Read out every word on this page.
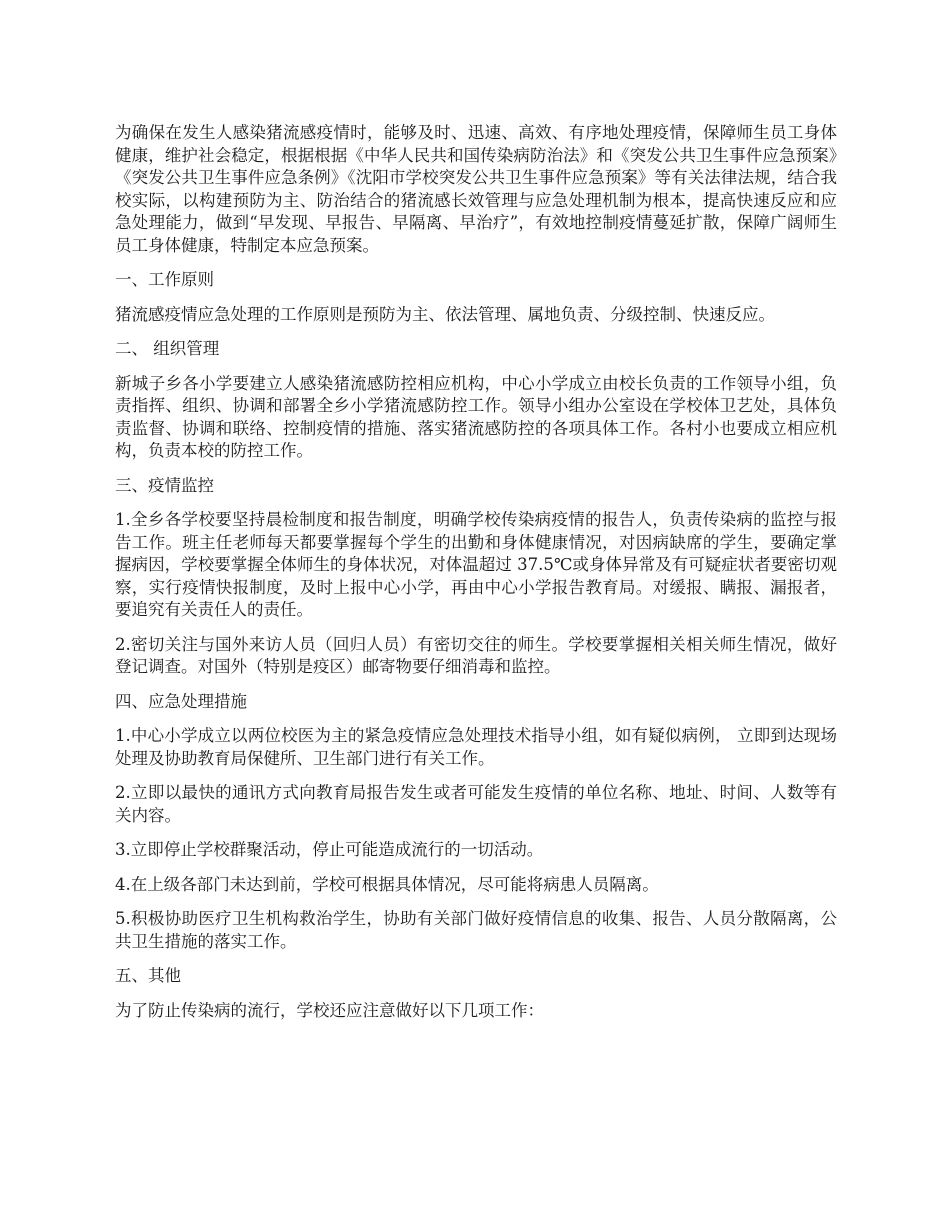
为确保在发生人感染猪流感疫情时，能够及时、迅速、高效、有序地处理疫情，保障师生员工身体健康，维护社会稳定，根据根据《中华人民共和国传染病防治法》和《突发公共卫生事件应急预案》《突发公共卫生事件应急条例》《沈阳市学校突发公共卫生事件应急预案》等有关法律法规，结合我校实际，以构建预防为主、防治结合的猪流感长效管理与应急处理机制为根本，提高快速反应和应急处理能力，做到“早发现、早报告、早隔离、早治疗”，有效地控制疫情蔓延扩散，保障广阔师生员工身体健康，特制定本应急预案。

一、工作原则

猪流感疫情应急处理的工作原则是预防为主、依法管理、属地负责、分级控制、快速反应。

二、 组织管理

新城子乡各小学要建立人感染猪流感防控相应机构，中心小学成立由校长负责的工作领导小组，负责指挥、组织、协调和部署全乡小学猪流感防控工作。领导小组办公室设在学校体卫艺处，具体负责监督、协调和联络、控制疫情的措施、落实猪流感防控的各项具体工作。各村小也要成立相应机构，负责本校的防控工作。

三、疫情监控

1.全乡各学校要坚持晨检制度和报告制度，明确学校传染病疫情的报告人，负责传染病的监控与报告工作。班主任老师每天都要掌握每个学生的出勤和身体健康情况，对因病缺席的学生，要确定掌握病因，学校要掌握全体师生的身体状况，对体温超过 37.5℃或身体异常及有可疑症状者要密切观察，实行疫情快报制度，及时上报中心小学，再由中心小学报告教育局。对缓报、瞒报、漏报者，要追究有关责任人的责任。

2.密切关注与国外来访人员（回归人员）有密切交往的师生。学校要掌握相关相关师生情况，做好登记调查。对国外（特别是疫区）邮寄物要仔细消毒和监控。

四、应急处理措施

1.中心小学成立以两位校医为主的紧急疫情应急处理技术指导小组，如有疑似病例， 立即到达现场处理及协助教育局保健所、卫生部门进行有关工作。

2.立即以最快的通讯方式向教育局报告发生或者可能发生疫情的单位名称、地址、时间、人数等有关内容。

3.立即停止学校群聚活动，停止可能造成流行的一切活动。

4.在上级各部门未达到前，学校可根据具体情况，尽可能将病患人员隔离。

5.积极协助医疗卫生机构救治学生，协助有关部门做好疫情信息的收集、报告、人员分散隔离，公共卫生措施的落实工作。

五、其他

为了防止传染病的流行，学校还应注意做好以下几项工作：
